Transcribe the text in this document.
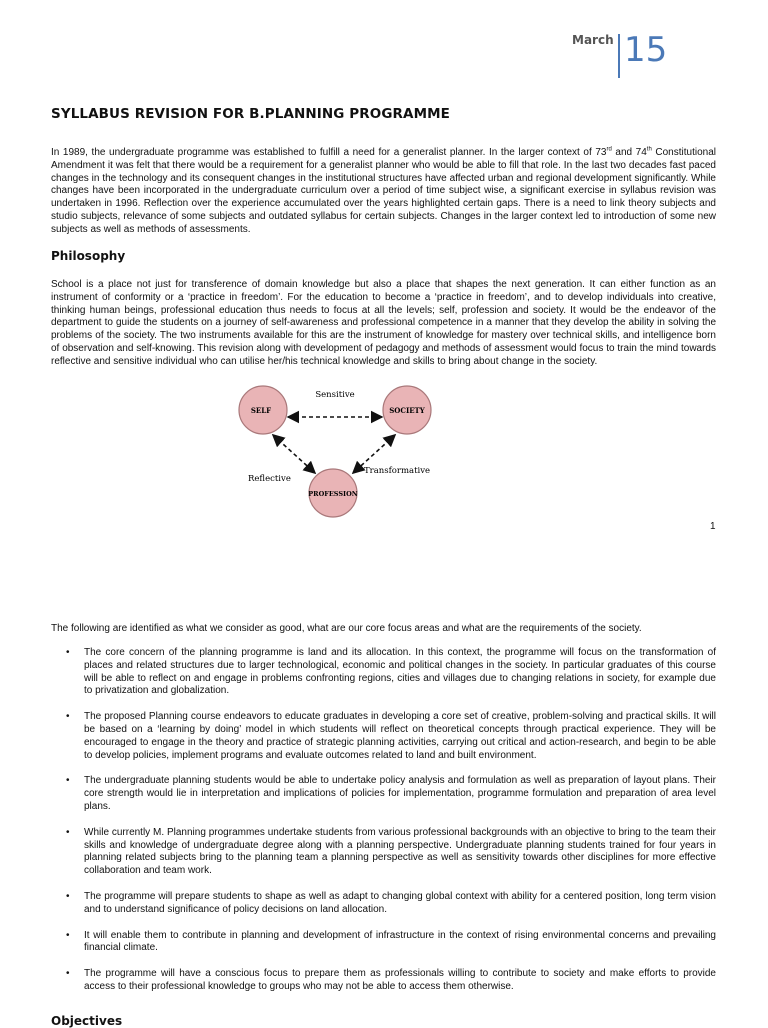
March 15
SYLLABUS REVISION FOR B.PLANNING PROGRAMME

In 1989, the undergraduate programme was established to fulfill a need for a generalist planner. In the larger context of 73rd and 74th Constitutional Amendment it was felt that there would be a requirement for a generalist planner who would be able to fill that role. In the last two decades fast paced changes in the technology and its consequent changes in the institutional structures have affected urban and regional development significantly. While changes have been incorporated in the undergraduate curriculum over a period of time subject wise, a significant exercise in syllabus revision was undertaken in 1996. Reflection over the experience accumulated over the years highlighted certain gaps. There is a need to link theory subjects and studio subjects, relevance of some subjects and outdated syllabus for certain subjects. Changes in the larger context led to introduction of some new subjects as well as methods of assessments.

Philosophy

School is a place not just for transference of domain knowledge but also a place that shapes the next generation. It can either function as an instrument of conformity or a ‘practice in freedom’. For the education to become a ‘practice in freedom’, and to develop individuals into creative, thinking human beings, professional education thus needs to focus at all the levels; self, profession and society. It would be the endeavor of the department to guide the students on a journey of self-awareness and professional competence in a manner that they develop the ability in solving the problems of the society. The two instruments available for this are the instrument of knowledge for mastery over technical skills, and intelligence born of observation and self-knowing. This revision along with development of pedagogy and methods of assessment would focus to train the mind towards reflective and sensitive individual who can utilise her/his technical knowledge and skills to bring about change in the society.

SELF	SOCIETY
PROFESSION
Sensitive
Reflective
Transformative
1

The following are identified as what we consider as good, what are our core focus areas and what are the requirements of the society.

• The core concern of the planning programme is land and its allocation. In this context, the programme will focus on the transformation of places and related structures due to larger technological, economic and political changes in the society. In particular graduates of this course will be able to reflect on and engage in problems confronting regions, cities and villages due to changing relations in society, for example due to privatization and globalization.
• The proposed Planning course endeavors to educate graduates in developing a core set of creative, problem-solving and practical skills. It will be based on a ‘learning by doing’ model in which students will reflect on theoretical concepts through practical experience. They will be encouraged to engage in the theory and practice of strategic planning activities, carrying out critical and action-research, and begin to be able to develop policies, implement programs and evaluate outcomes related to land and built environment.
• The undergraduate planning students would be able to undertake policy analysis and formulation as well as preparation of layout plans. Their core strength would lie in interpretation and implications of policies for implementation, programme formulation and preparation of area level plans.
• While currently M. Planning programmes undertake students from various professional backgrounds with an objective to bring to the team their skills and knowledge of undergraduate degree along with a planning perspective. Undergraduate planning students trained for four years in planning related subjects bring to the planning team a planning perspective as well as sensitivity towards other disciplines for more effective collaboration and team work.
• The programme will prepare students to shape as well as adapt to changing global context with ability for a centered position, long term vision and to understand significance of policy decisions on land allocation.
• It will enable them to contribute in planning and development of infrastructure in the context of rising environmental concerns and prevailing financial climate.
• The programme will have a conscious focus to prepare them as professionals willing to contribute to society and make efforts to provide access to their professional knowledge to groups who may not be able to access them otherwise.
Objectives
